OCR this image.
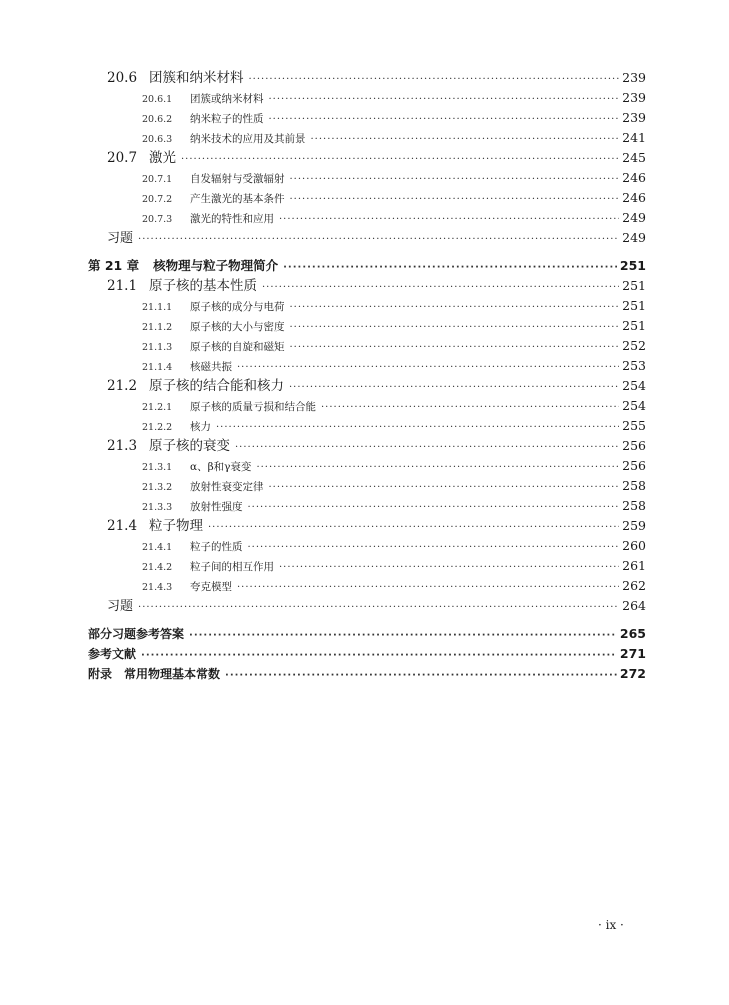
20.6 团簇和纳米材料 ·····	239
20.6.1	团簇或纳米材料 ·····	239
20.6.2	纳米粒子的性质 ·····	239
20.6.3	纳米技术的应用及其前景 ·····	241
20.7 激光 ·····	245
20.7.1	自发辐射与受激辐射 ·····	246
20.7.2	产生激光的基本条件 ·····	246
20.7.3	激光的特性和应用 ·····	249
习题 ·····	249
第 21 章 核物理与粒子物理简介 ·····	251
21.1 原子核的基本性质 ·····	251
21.1.1	原子核的成分与电荷 ·····	251
21.1.2	原子核的大小与密度 ·····	251
21.1.3	原子核的自旋和磁矩 ·····	252
21.1.4	核磁共振 ·····	253
21.2 原子核的结合能和核力 ·····	254
21.2.1	原子核的质量亏损和结合能 ·····	254
21.2.2	核力 ·····	255
21.3 原子核的衰变 ·····	256
21.3.1	α、β和γ衰变 ·····	256
21.3.2	放射性衰变定律 ·····	258
21.3.3	放射性强度 ·····	258
21.4 粒子物理 ·····	259
21.4.1	粒子的性质 ·····	260
21.4.2	粒子间的相互作用 ·····	261
21.4.3	夸克模型 ·····	262
习题 ·····	264
部分习题参考答案 ·····	265
参考文献 ·····	271
附录 常用物理基本常数 ·····	272
· ix ·
